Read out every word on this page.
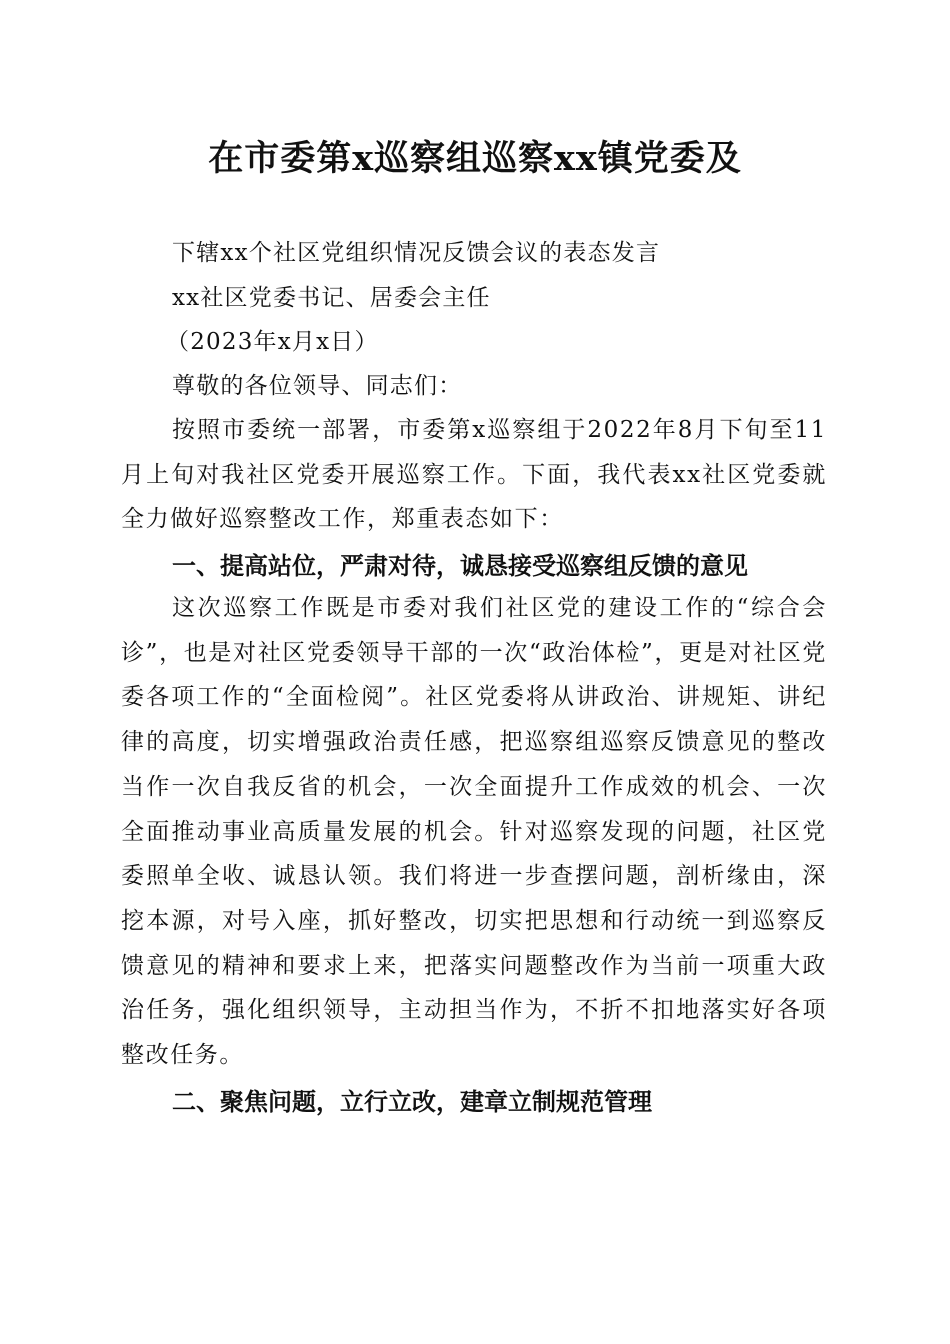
在市委第x巡察组巡察xx镇党委及
下辖xx个社区党组织情况反馈会议的表态发言
xx社区党委书记、居委会主任
（2023年x月x日）
尊敬的各位领导、同志们：
按照市委统一部署，市委第x巡察组于2022年8月下旬至11月上旬对我社区党委开展巡察工作。下面，我代表xx社区党委就全力做好巡察整改工作，郑重表态如下：
一、提高站位，严肃对待，诚恳接受巡察组反馈的意见
这次巡察工作既是市委对我们社区党的建设工作的“综合会诊”，也是对社区党委领导干部的一次“政治体检”，更是对社区党委各项工作的“全面检阅”。社区党委将从讲政治、讲规矩、讲纪律的高度，切实增强政治责任感，把巡察组巡察反馈意见的整改当作一次自我反省的机会，一次全面提升工作成效的机会、一次全面推动事业高质量发展的机会。针对巡察发现的问题，社区党委照单全收、诚恳认领。我们将进一步查摆问题，剖析缘由，深挖本源，对号入座，抓好整改，切实把思想和行动统一到巡察反馈意见的精神和要求上来，把落实问题整改作为当前一项重大政治任务，强化组织领导，主动担当作为，不折不扣地落实好各项整改任务。
二、聚焦问题，立行立改，建章立制规范管理
